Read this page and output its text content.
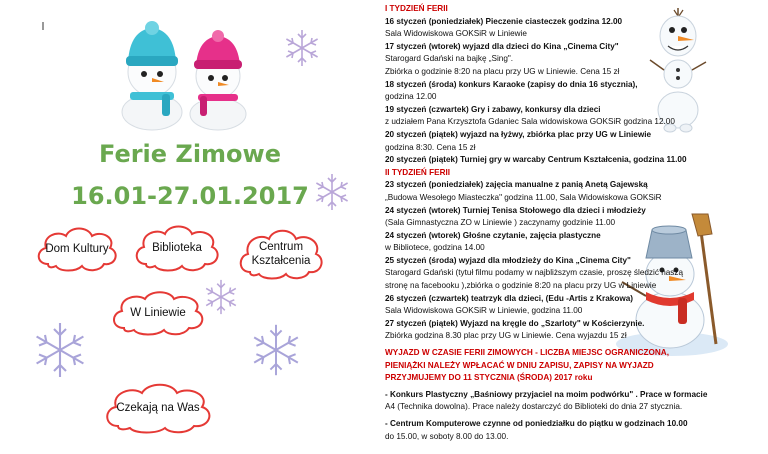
Ferie Zimowe
16.01-27.01.2017
Dom Kultury	Biblioteka	Centrum Kształcenia
W Liniewie
Czekają na Was
I TYDZIEŃ FERII
16 styczeń (poniedziałek) Pieczenie ciasteczek godzina 12.00
Sala Widowiskowa GOKSiR w Liniewie
17 styczeń (wtorek) wyjazd dla dzieci do Kina „Cinema City"
Starogard Gdański na bajkę „Sing".
Zbiórka o godzinie 8:20 na placu przy UG w Liniewie. Cena 15 zł
18 styczeń (środa) konkurs Karaoke (zapisy do dnia 16 stycznia),
godzina 12.00
19 styczeń (czwartek) Gry i zabawy, konkursy dla dzieci
z udziałem Pana Krzysztofa Gdaniec Sala widowiskowa GOKSiR godzina 12.00
20 styczeń (piątek) wyjazd na łyżwy, zbiórka plac przy UG w Liniewie
godzina 8:30. Cena 15 zł
20 styczeń (piątek) Turniej gry w warcaby Centrum Kształcenia, godzina 11.00
II TYDZIEŃ FERII
23 styczeń (poniedziałek) zajęcia manualne z panią Anetą Gajewską
„Budowa Wesołego Miasteczka" godzina 11.00, Sala Widowiskowa GOKSiR
24 styczeń (wtorek) Turniej Tenisa Stołowego dla dzieci i młodzieży
(Sala Gimnastyczna ZO w Liniewie ) zaczynamy godzinie 11.00
24 styczeń (wtorek) Głośne czytanie, zajęcia plastyczne
w Bibliotece, godzina 14.00
25 styczeń (środa) wyjazd dla młodzieży do Kina „Cinema City"
Starogard Gdański (tytuł filmu podamy w najbliższym czasie, proszę śledzić naszą
stronę na facebooku ),zbiórka o godzinie 8:20 na placu przy UG w Liniewie
26 styczeń (czwartek) teatrzyk dla dzieci, (Edu -Artis z Krakowa)
Sala Widowiskowa GOKSiR w Liniewie, godzina 11.00
27 styczeń (piątek) Wyjazd na kręgle do „Szarloty" w Kościerzynie.
Zbiórka godzina 8.30 plac przy UG w Liniewie. Cena wyjazdu 15 zł
WYJAZD W CZASIE FERII ZIMOWYCH - LICZBA MIEJSC OGRANICZONA,
PIENIĄŻKI NALEŻY WPŁACAĆ W DNIU ZAPISU, ZAPISY NA WYJAZD
PRZYJMUJEMY DO 11 STYCZNIA (ŚRODA) 2017 roku
- Konkurs Plastyczny „Baśniowy przyjaciel na moim podwórku" . Prace w formacie
A4 (Technika dowolna). Prace należy dostarczyć do Biblioteki do dnia 27 stycznia.
- Centrum Komputerowe czynne od poniedziałku do piątku w godzinach 10.00
do 15.00, w soboty 8.00 do 13.00.
